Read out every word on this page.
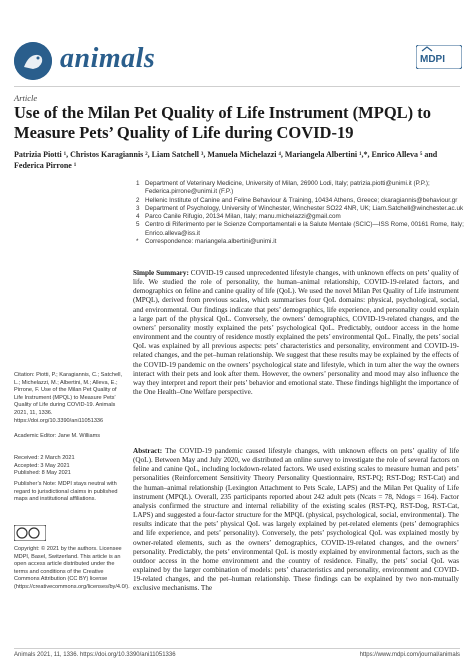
animals	MDPI
Article
Use of the Milan Pet Quality of Life Instrument (MPQL) to Measure Pets’ Quality of Life during COVID-19
Patrizia Piotti ¹, Christos Karagiannis ², Liam Satchell ³, Manuela Michelazzi ⁴, Mariangela Albertini ¹,*, Enrico Alleva ⁵ and Federica Pirrone ¹
1 Department of Veterinary Medicine, University of Milan, 26900 Lodi, Italy; patrizia.piotti@unimi.it (P.P.); Federica.pirrone@unimi.it (F.P.)
2 Hellenic Institute of Canine and Feline Behaviour & Training, 10434 Athens, Greece; ckaragiannis@behaviour.gr
3 Department of Psychology, University of Winchester, Winchester SO22 4NR, UK; Liam.Satchell@winchester.ac.uk
4 Parco Canile Rifugio, 20134 Milan, Italy; manu.michelazzi@gmail.com
5 Centro di Riferimento per le Scienze Comportamentali e la Salute Mentale (SCIC)—ISS Rome, 00161 Rome, Italy; Enrico.alleva@iss.it
*	Correspondence: mariangela.albertini@unimi.it
Citation: Piotti, P.; Karagiannis, C.; Satchell, L.; Michelazzi, M.; Albertini, M.; Alleva, E.; Pirrone, F. Use of the Milan Pet Quality of Life Instrument (MPQL) to Measure Pets’ Quality of Life during COVID-19. Animals 2021, 11, 1336. https://doi.org/10.3390/ani11051336
Academic Editor: Jane M. Williams
Received: 2 March 2021
Accepted: 3 May 2021
Published: 8 May 2021
Publisher’s Note: MDPI stays neutral with regard to jurisdictional claims in published maps and institutional affiliations.
Copyright: © 2021 by the authors. Licensee MDPI, Basel, Switzerland. This article is an open access article distributed under the terms and conditions of the Creative Commons Attribution (CC BY) license (https://creativecommons.org/licenses/by/4.0/).
Simple Summary: COVID-19 caused unprecedented lifestyle changes, with unknown effects on pets’ quality of life. We studied the role of personality, the human–animal relationship, COVID-19-related factors, and demographics on feline and canine quality of life (QoL). We used the novel Milan Pet Quality of Life instrument (MPQL), derived from previous scales, which summarises four QoL domains: physical, psychological, social, and environmental. Our findings indicate that pets’ demographics, life experience, and personality could explain a large part of the physical QoL. Conversely, the owners’ demographics, COVID-19-related changes, and the owners’ personality mostly explained the pets’ psychological QoL. Predictably, outdoor access in the home environment and the country of residence mostly explained the pets’ environmental QoL. Finally, the pets’ social QoL was explained by all previous aspects: pets’ characteristics and personality, environment and COVID-19-related changes, and the pet–human relationship. We suggest that these results may be explained by the effects of the COVID-19 pandemic on the owners’ psychological state and lifestyle, which in turn alter the way the owners interact with their pets and look after them. However, the owners’ personality and mood may also influence the way they interpret and report their pets’ behavior and emotional state. These findings highlight the importance of the One Health–One Welfare perspective.
Abstract: The COVID-19 pandemic caused lifestyle changes, with unknown effects on pets’ quality of life (QoL). Between May and July 2020, we distributed an online survey to investigate the role of several factors on feline and canine QoL, including lockdown-related factors. We used existing scales to measure human and pets’ personalities (Reinforcement Sensitivity Theory Personality Questionnaire, RST-PQ; RST-Dog; RST-Cat) and the human–animal relationship (Lexington Attachment to Pets Scale, LAPS) and the Milan Pet Quality of Life instrument (MPQL). Overall, 235 participants reported about 242 adult pets (Ncats = 78, Ndogs = 164). Factor analysis confirmed the structure and internal reliability of the existing scales (RST-PQ, RST-Dog, RST-Cat, LAPS) and suggested a four-factor structure for the MPQL (physical, psychological, social, environmental). The results indicate that the pets’ physical QoL was largely explained by pet-related elements (pets’ demographics and life experience, and pets’ personality). Conversely, the pets’ psychological QoL was explained mostly by owner-related elements, such as the owners’ demographics, COVID-19-related changes, and the owners’ personality. Predictably, the pets’ environmental QoL is mostly explained by environmental factors, such as the outdoor access in the home environment and the country of residence. Finally, the pets’ social QoL was explained by the larger combination of models: pets’ characteristics and personality, environment and COVID-19-related changes, and the pet–human relationship. These findings can be explained by two non-mutually exclusive mechanisms. The
Animals 2021, 11, 1336. https://doi.org/10.3390/ani11051336	https://www.mdpi.com/journal/animals
